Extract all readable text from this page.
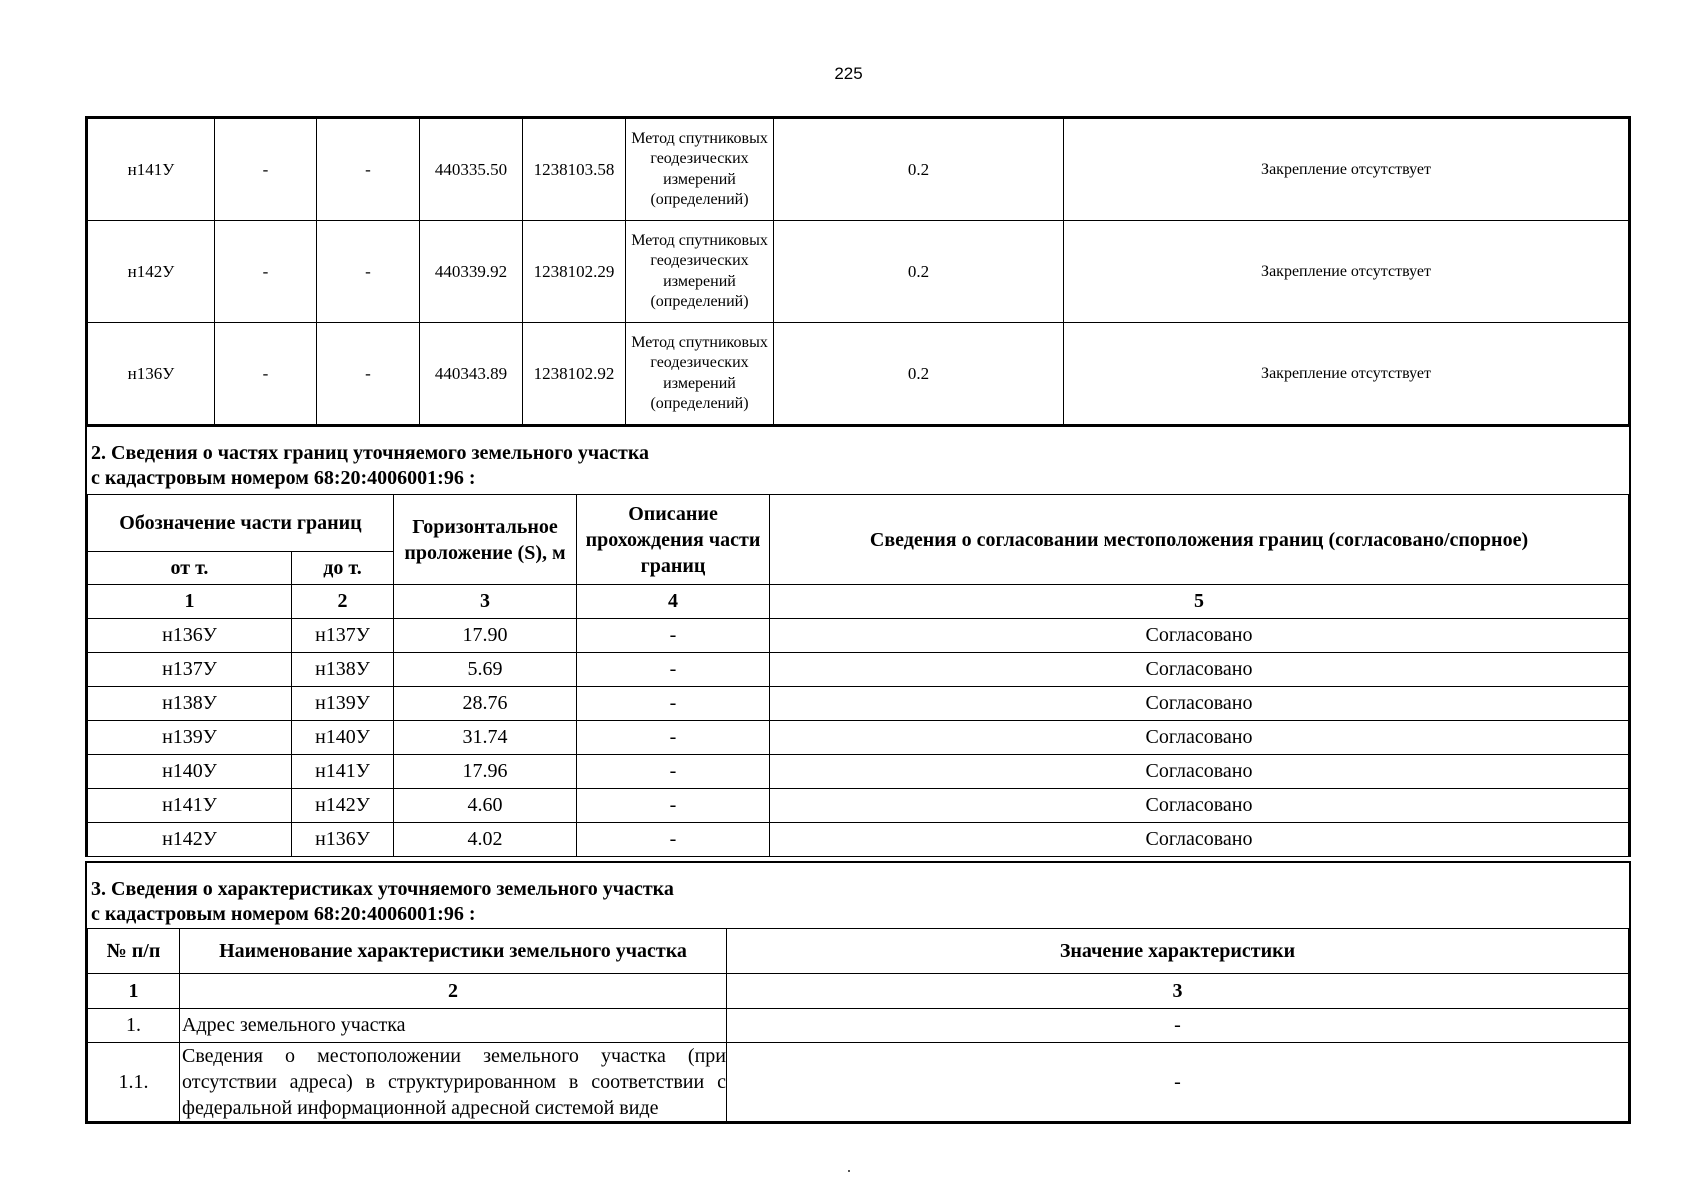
225
н141У	-	-	440335.50	1238103.58	Метод спутниковых геодезических измерений (определений)	0.2	Закрепление отсутствует
н142У	-	-	440339.92	1238102.29	Метод спутниковых геодезических измерений (определений)	0.2	Закрепление отсутствует
н136У	-	-	440343.89	1238102.92	Метод спутниковых геодезических измерений (определений)	0.2	Закрепление отсутствует
2. Сведения о частях границ уточняемого земельного участка
с кадастровым номером 68:20:4006001:96 :
Обозначение части границ		Горизонтальное проложение (S), м	Описание прохождения части границ	Сведения о согласовании местоположения границ (согласовано/спорное)
от т.	до т.			
1	2	3	4	5
н136У	н137У	17.90	-	Согласовано
н137У	н138У	5.69	-	Согласовано
н138У	н139У	28.76	-	Согласовано
н139У	н140У	31.74	-	Согласовано
н140У	н141У	17.96	-	Согласовано
н141У	н142У	4.60	-	Согласовано
н142У	н136У	4.02	-	Согласовано
3. Сведения о характеристиках уточняемого земельного участка
с кадастровым номером 68:20:4006001:96 :
№ п/п	Наименование характеристики земельного участка	Значение характеристики
1	2	3
1.	Адрес земельного участка	-
1.1.	Сведения о местоположении земельного участка (при отсутствии адреса) в структурированном в соответствии с федеральной информационной адресной системой виде	-
